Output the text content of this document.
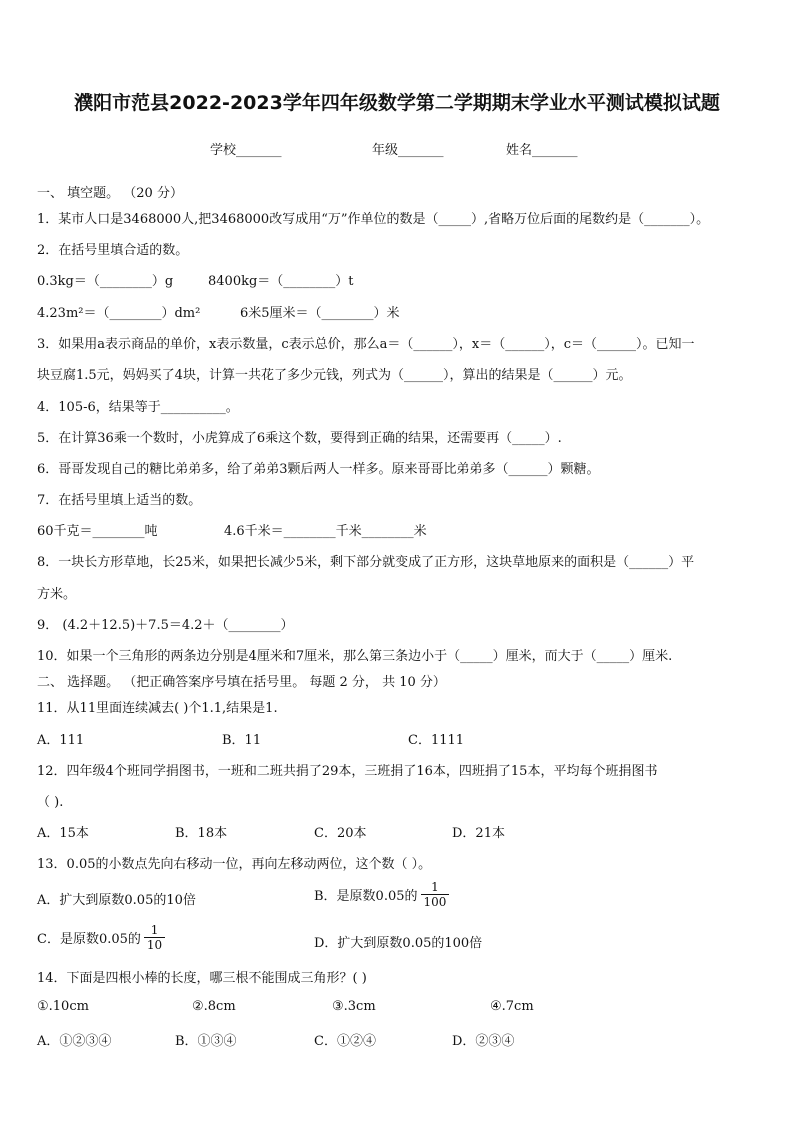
濮阳市范县2022-2023学年四年级数学第二学期期末学业水平测试模拟试题
学校_______	年级_______	姓名_______
一、 填空题。 （20 分）
1．某市人口是3468000人,把3468000改写成用“万”作单位的数是（_____）,省略万位后面的尾数约是（_______）。
2．在括号里填合适的数。
0.3kg＝（________）g	8400kg＝（________）t
4.23m²＝（________）dm²	6米5厘米＝（________）米
3．如果用a表示商品的单价，x表示数量，c表示总价，那么a＝（______），x＝（______），c＝（______）。已知一
块豆腐1.5元，妈妈买了4块，计算一共花了多少元钱，列式为（______），算出的结果是（______）元。
4．105-6，结果等于__________。
5．在计算36乘一个数时，小虎算成了6乘这个数，要得到正确的结果，还需要再（_____）.
6．哥哥发现自己的糖比弟弟多，给了弟弟3颗后两人一样多。原来哥哥比弟弟多（______）颗糖。
7．在括号里填上适当的数。
60千克＝________吨	4.6千米＝________千米________米
8．一块长方形草地，长25米，如果把长减少5米，剩下部分就变成了正方形，这块草地原来的面积是（______）平
方米。
9． (4.2＋12.5)＋7.5＝4.2＋（________）
10．如果一个三角形的两条边分别是4厘米和7厘米，那么第三条边小于（_____）厘米，而大于（_____）厘米.
二、 选择题。 （把正确答案序号填在括号里。 每题 2 分， 共 10 分）
11．从11里面连续减去( )个1.1,结果是1.
A．111	B．11	C．1111
12．四年级4个班同学捐图书，一班和二班共捐了29本，三班捐了16本，四班捐了15本，平均每个班捐图书
（ ).
A．15本	B．18本	C．20本	D．21本
13．0.05的小数点先向右移动一位，再向左移动两位，这个数（ ）。
A．扩大到原数0.05的10倍	B．是原数0.05的 $\frac{1}{100}$
C．是原数0.05的 $\frac{1}{10}$	D．扩大到原数0.05的100倍
14．下面是四根小棒的长度，哪三根不能围成三角形？( )
①.10cm	②.8cm	③.3cm	④.7cm
A．①②③④	B．①③④	C．①②④	D．②③④
